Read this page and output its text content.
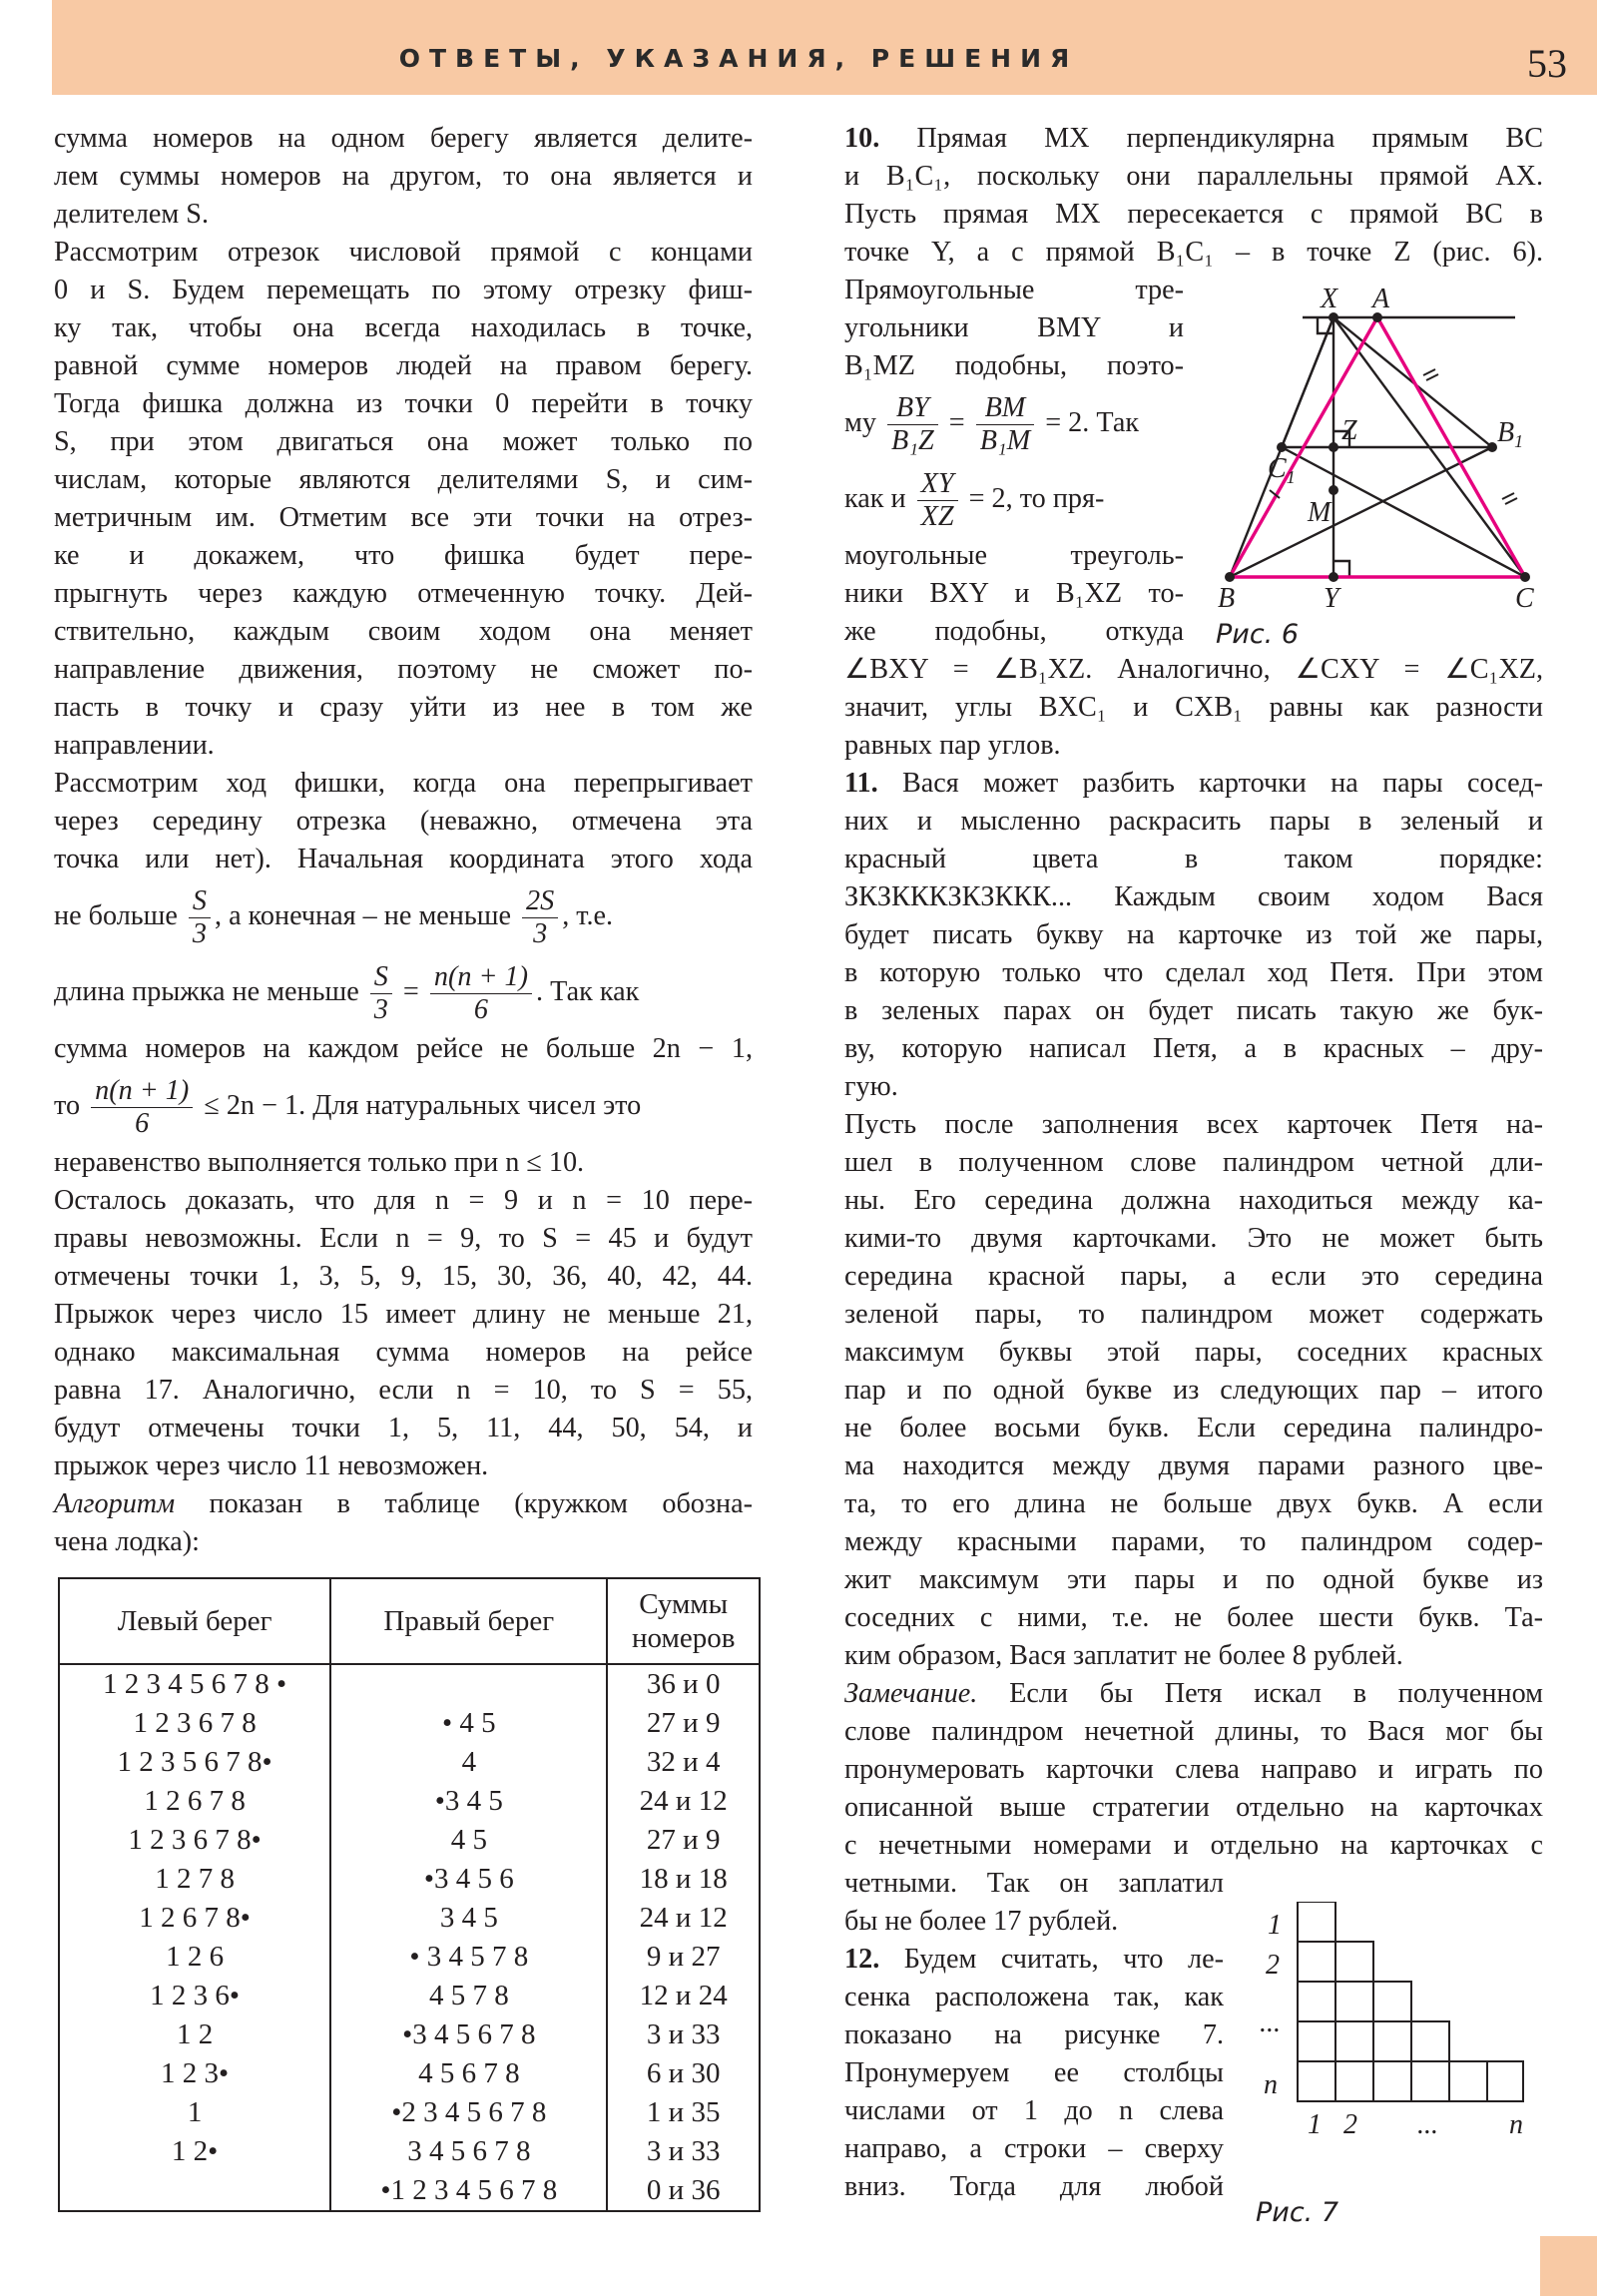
ОТВЕТЫ, УКАЗАНИЯ, РЕШЕНИЯ	53
сумма номеров на одном берегу является делите-
лем суммы номеров на другом, то она является и
делителем S.
Рассмотрим отрезок числовой прямой с концами
0 и S. Будем перемещать по этому отрезку фиш-
ку так, чтобы она всегда находилась в точке,
равной сумме номеров людей на правом берегу.
Тогда фишка должна из точки 0 перейти в точку
S, при этом двигаться она может только по
числам, которые являются делителями S, и сим-
метричным им. Отметим все эти точки на отрез-
ке и докажем, что фишка будет пере-
прыгнуть через каждую отмеченную точку. Дей-
ствительно, каждым своим ходом она меняет
направление движения, поэтому не сможет по-
пасть в точку и сразу уйти из нее в том же
направлении.
Рассмотрим ход фишки, когда она перепрыгивает
через середину отрезка (неважно, отмечена эта
точка или нет). Начальная координата этого хода
не больше $\frac{S}{3}$ , а конечная – не меньше $\frac{2S}{3}$ , т.е.
длина прыжка не меньше $\frac{S}{3} = \frac{n(n + 1)}{6}$ . Так как
сумма номеров на каждом рейсе не больше 2n − 1,
то $\frac{n(n + 1)}{6} \le 2n - 1$. Для натуральных чисел это
неравенство выполняется только при n ≤ 10.
Осталось доказать, что для n = 9 и n = 10 пере-
правы невозможны. Если n = 9, то S = 45 и будут
отмечены точки 1, 3, 5, 9, 15, 30, 36, 40, 42, 44.
Прыжок через число 15 имеет длину не меньше 21,
однако максимальная сумма номеров на рейсе
равна 17. Аналогично, если n = 10, то S = 55,
будут отмечены точки 1, 5, 11, 44, 50, 54, и
прыжок через число 11 невозможен.
Алгоритм показан в таблице (кружком обозна-
чена лодка):
Левый берег	Правый берег	Суммы номеров
1 2 3 4 5 6 7 8 •		36 и 0
1 2 3 6 7 8	• 4 5	27 и 9
1 2 3 5 6 7 8•	4	32 и 4
1 2 6 7 8	•3 4 5	24 и 12
1 2 3 6 7 8•	4 5	27 и 9
1 2 7 8	•3 4 5 6	18 и 18
1 2 6 7 8•	3 4 5	24 и 12
1 2 6	• 3 4 5 7 8	9 и 27
1 2 3 6•	4 5 7 8	12 и 24
1 2	•3 4 5 6 7 8	3 и 33
1 2 3•	4 5 6 7 8	6 и 30
1	•2 3 4 5 6 7 8	1 и 35
1 2•	3 4 5 6 7 8	3 и 33
	•1 2 3 4 5 6 7 8	0 и 36
10. Прямая MX перпендикулярна прямым BC
и B₁C₁, поскольку они параллельны прямой AX.
Пусть прямая MX пересекается с прямой BC в
точке Y, а с прямой B₁C₁ – в точке Z (рис. 6).
Прямоугольные тре-
угольники BMY и
B₁MZ подобны, поэто-
му $\frac{BY}{\text{B₁Z}} = \frac{BM}{\text{B₁M}} = 2$. Так
как и $\frac{XY}{XZ} = 2$, то пря-
моугольные треуголь-
ники BXY и B₁XZ то-
же подобны, откуда
∠BXY = ∠B₁XZ. Аналогично, ∠CXY = ∠C₁XZ,
значит, углы BXC₁ и CXB₁ равны как разности
равных пар углов.
11. Вася может разбить карточки на пары сосед-
них и мысленно раскрасить пары в зеленый и
красный цвета в таком порядке:
ЗКЗКККЗКЗККК... Каждым своим ходом Вася
будет писать букву на карточке из той же пары,
в которую только что сделал ход Петя. При этом
в зеленых парах он будет писать такую же бук-
ву, которую написал Петя, а в красных – дру-
гую.
Пусть после заполнения всех карточек Петя на-
шел в полученном слове палиндром четной дли-
ны. Его середина должна находиться между ка-
кими-то двумя карточками. Это не может быть
середина красной пары, а если это середина
зеленой пары, то палиндром может содержать
максимум буквы этой пары, соседних красных
пар и по одной букве из следующих пар – итого
не более восьми букв. Если середина палиндро-
ма находится между двумя парами разного цве-
та, то его длина не больше двух букв. А если
между красными парами, то палиндром содер-
жит максимум эти пары и по одной букве из
соседних с ними, т.е. не более шести букв. Та-
ким образом, Вася заплатит не более 8 рублей.
Замечание. Если бы Петя искал в полученном
слове палиндром нечетной длины, то Вася мог бы
пронумеровать карточки слева направо и играть по
описанной выше стратегии отдельно на карточках
с нечетными номерами и отдельно на карточках с
четными. Так он заплатил
бы не более 17 рублей.
12. Будем считать, что ле-
сенка расположена так, как
показано на рисунке 7.
Пронумеруем ее столбцы
числами от 1 до n слева
направо, а строки – сверху
вниз. Тогда для любой
X A
Z	$B_1$
$C_1$
M
B	Y	C
Рис. 6
1
2
...
n
1 2 ...	n
Рис. 7
